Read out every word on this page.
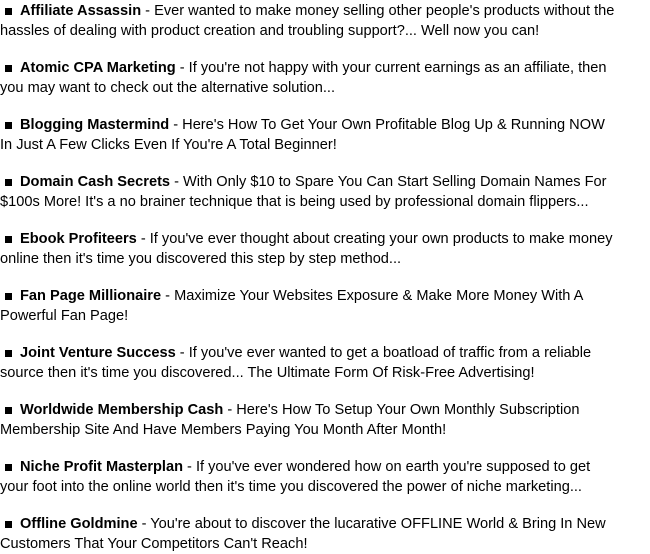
Affiliate Assassin - Ever wanted to make money selling other people's products without the
hassles of dealing with product creation and troubling support?... Well now you can!
Atomic CPA Marketing - If you're not happy with your current earnings as an affiliate, then
you may want to check out the alternative solution...
Blogging Mastermind - Here's How To Get Your Own Profitable Blog Up & Running NOW
In Just A Few Clicks Even If You're A Total Beginner!
Domain Cash Secrets - With Only $10 to Spare You Can Start Selling Domain Names For
$100s More! It's a no brainer technique that is being used by professional domain flippers...
Ebook Profiteers - If you've ever thought about creating your own products to make money
online then it's time you discovered this step by step method...
Fan Page Millionaire - Maximize Your Websites Exposure & Make More Money With A
Powerful Fan Page!
Joint Venture Success - If you've ever wanted to get a boatload of traffic from a reliable
source then it's time you discovered... The Ultimate Form Of Risk-Free Advertising!
Worldwide Membership Cash - Here's How To Setup Your Own Monthly Subscription
Membership Site And Have Members Paying You Month After Month!
Niche Profit Masterplan - If you've ever wondered how on earth you're supposed to get
your foot into the online world then it's time you discovered the power of niche marketing...
Offline Goldmine - You're about to discover the lucarative OFFLINE World & Bring In New
Customers That Your Competitors Can't Reach!
